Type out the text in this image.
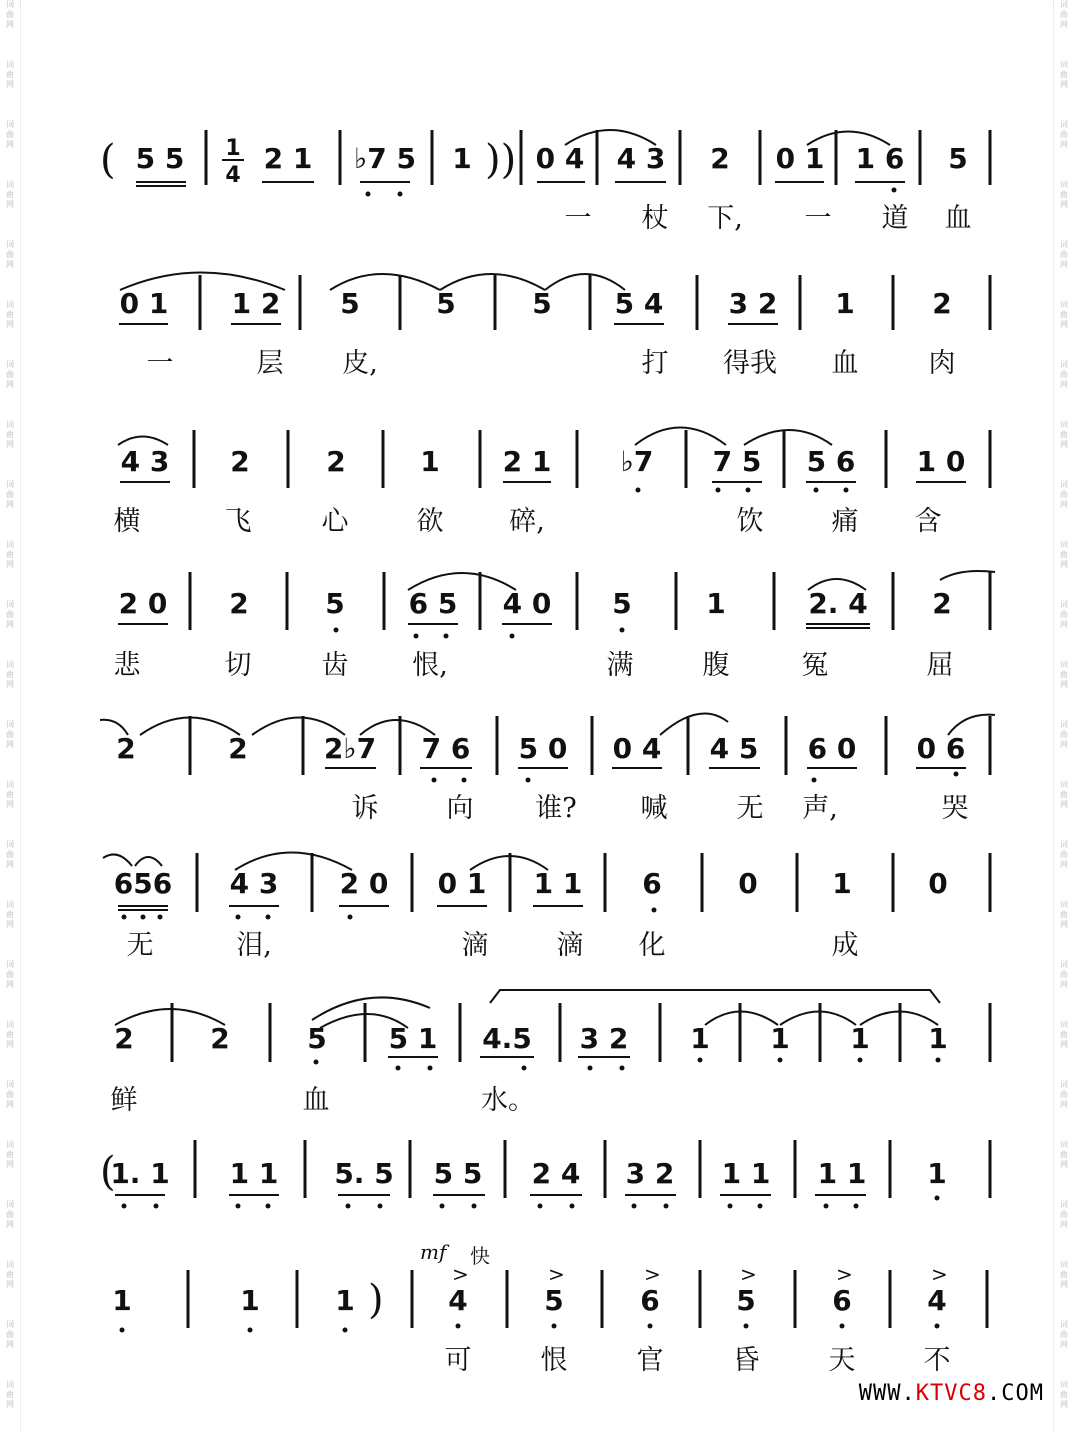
词
曲
网
词
曲
网
词
曲
网
词
曲
网
词
曲
网
词
曲
网
词
曲
网
词
曲
网
词
曲
网
词
曲
网
词
曲
网
词
曲
网
词
曲
网
词
曲
网
词
曲
网
词
曲
网
词
曲
网
词
曲
网
词
曲
网
词
曲
网
词
曲
网
词
曲
网
词
曲
网
词
曲
网
词
曲
网
词
曲
网
词
曲
网
词
曲
网
词
曲
网
词
曲
网
词
曲
网
词
曲
网
词
曲
网
词
曲
网
词
曲
网
词
曲
网
词
曲
网
词
曲
网
词
曲
网
词
曲
网
词
曲
网
词
曲
网
词
曲
网
词
曲
网
词
曲
网
词
曲
网
词
曲
网
词
曲
网
(	))
(
)
1
4
mf 快
5 5	2 1 ♭7 5 1 0 4 4 3 2 0 1 1 6 5
0 1 1 2 5	5	5 5 4 3 2 1	2
4 3 2	2	1 2 1 ♭7 7 5 5 6 1 0
2 0 2	5 6 5 4 0 5	1	2. 4 2
2	2	2♭7 7 6 5 0 0 4 4 5 6 0 0 6
656 4 3 2 0 0 1 1 1 6	0	1	0
2	2	5 5 1 4.5 3 2 1 1 1 1
1. 1 1 1 5. 5 5 5 2 4 3 2 1 1 1 1 1
1	1	1	4	5	6	5	6	4
>	>	>	>	>	>
一 杖 下, 一 道 血
一	层 皮,	打 得我 血	肉
横	飞	心	欲 碎,	饮	痛 含
悲	切	齿 恨,	满	腹	冤	屈
诉	向 谁? 喊	无 声,	哭
无	泪,	滴	滴 化	成
鲜	血	水。
可	恨	官	昏	天	不
WWW.KTVC8.COM
